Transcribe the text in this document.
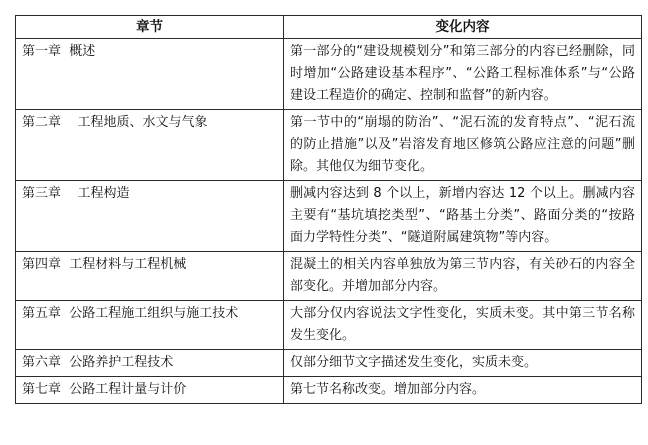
章节	变化内容
第一章  概述	第一部分的“建设规模划分”和第三部分的内容已经删除，同时增加“公路建设基本程序”、“公路工程标准体系”与“公路建设工程造价的确定、控制和监督”的新内容。
第二章    工程地质、水文与气象	第一节中的“崩塌的防治”、“泥石流的发育特点”、“泥石流的防止措施”以及”岩溶发育地区修筑公路应注意的问题”删除。其他仅为细节变化。
第三章    工程构造	删减内容达到 8 个以上，新增内容达 12 个以上。删减内容主要有“基坑填挖类型”、“路基土分类”、路面分类的“按路面力学特性分类”、“隧道附属建筑物”等内容。
第四章  工程材料与工程机械	混凝土的相关内容单独放为第三节内容，有关砂石的内容全部变化。并增加部分内容。
第五章  公路工程施工组织与施工技术	大部分仅内容说法文字性变化，实质未变。其中第三节名称发生变化。
第六章  公路养护工程技术	仅部分细节文字描述发生变化，实质未变。
第七章  公路工程计量与计价	第七节名称改变。增加部分内容。
